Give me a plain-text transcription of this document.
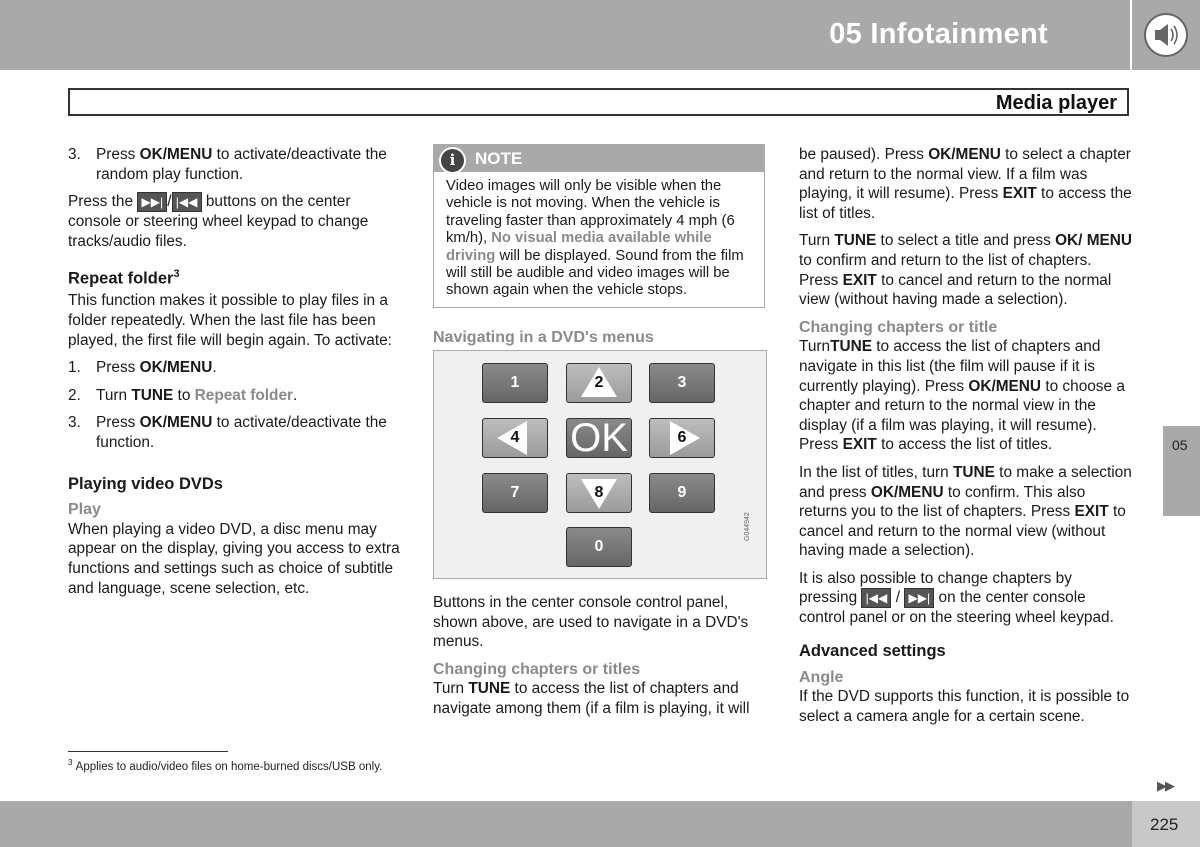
05 Infotainment
Media player
3. Press OK/MENU to activate/deactivate the random play function.

Press the ▶▶| / |◀◀ buttons on the center console or steering wheel keypad to change tracks/audio files.

Repeat folder$^3$

This function makes it possible to play files in a folder repeatedly. When the last file has been played, the first file will begin again. To activate:

1. Press OK/MENU.
2. Turn TUNE to Repeat folder.
3. Press OK/MENU to activate/deactivate the function.
Playing video DVDs
Play

When playing a video DVD, a disc menu may appear on the display, giving you access to extra functions and settings such as choice of subtitle and language, scene selection, etc.

i	NOTE
Video images will only be visible when the vehicle is not moving. When the vehicle is traveling faster than approximately 4 mph (6 km/h), No visual media available while driving will be displayed. Sound from the film will still be audible and video images will be shown again when the vehicle stops.
Navigating in a DVD's menus
1	2	3
4	OK	6
7	8	9
0
G044942

Buttons in the center console control panel, shown above, are used to navigate in a DVD's menus.

Changing chapters or titles

Turn TUNE to access the list of chapters and navigate among them (if a film is playing, it will

be paused). Press OK/MENU to select a chapter and return to the normal view. If a film was playing, it will resume). Press EXIT to access the list of titles.

Turn TUNE to select a title and press OK/ MENU to confirm and return to the list of chapters. Press EXIT to cancel and return to the normal view (without having made a selection).

Changing chapters or title

TurnTUNE to access the list of chapters and navigate in this list (the film will pause if it is currently playing). Press OK/MENU to choose a chapter and return to the normal view in the display (if a film was playing, it will resume). Press EXIT to access the list of titles.

In the list of titles, turn TUNE to make a selection and press OK/MENU to confirm. This also returns you to the list of chapters. Press EXIT to cancel and return to the normal view (without having made a selection).

It is also possible to change chapters by pressing |◀◀ / ▶▶| on the center console control panel or on the steering wheel keypad.

Advanced settings
Angle

If the DVD supports this function, it is possible to select a camera angle for a certain scene.

05
$^3$ Applies to audio/video files on home-burned discs/USB only.
▶▶
225
